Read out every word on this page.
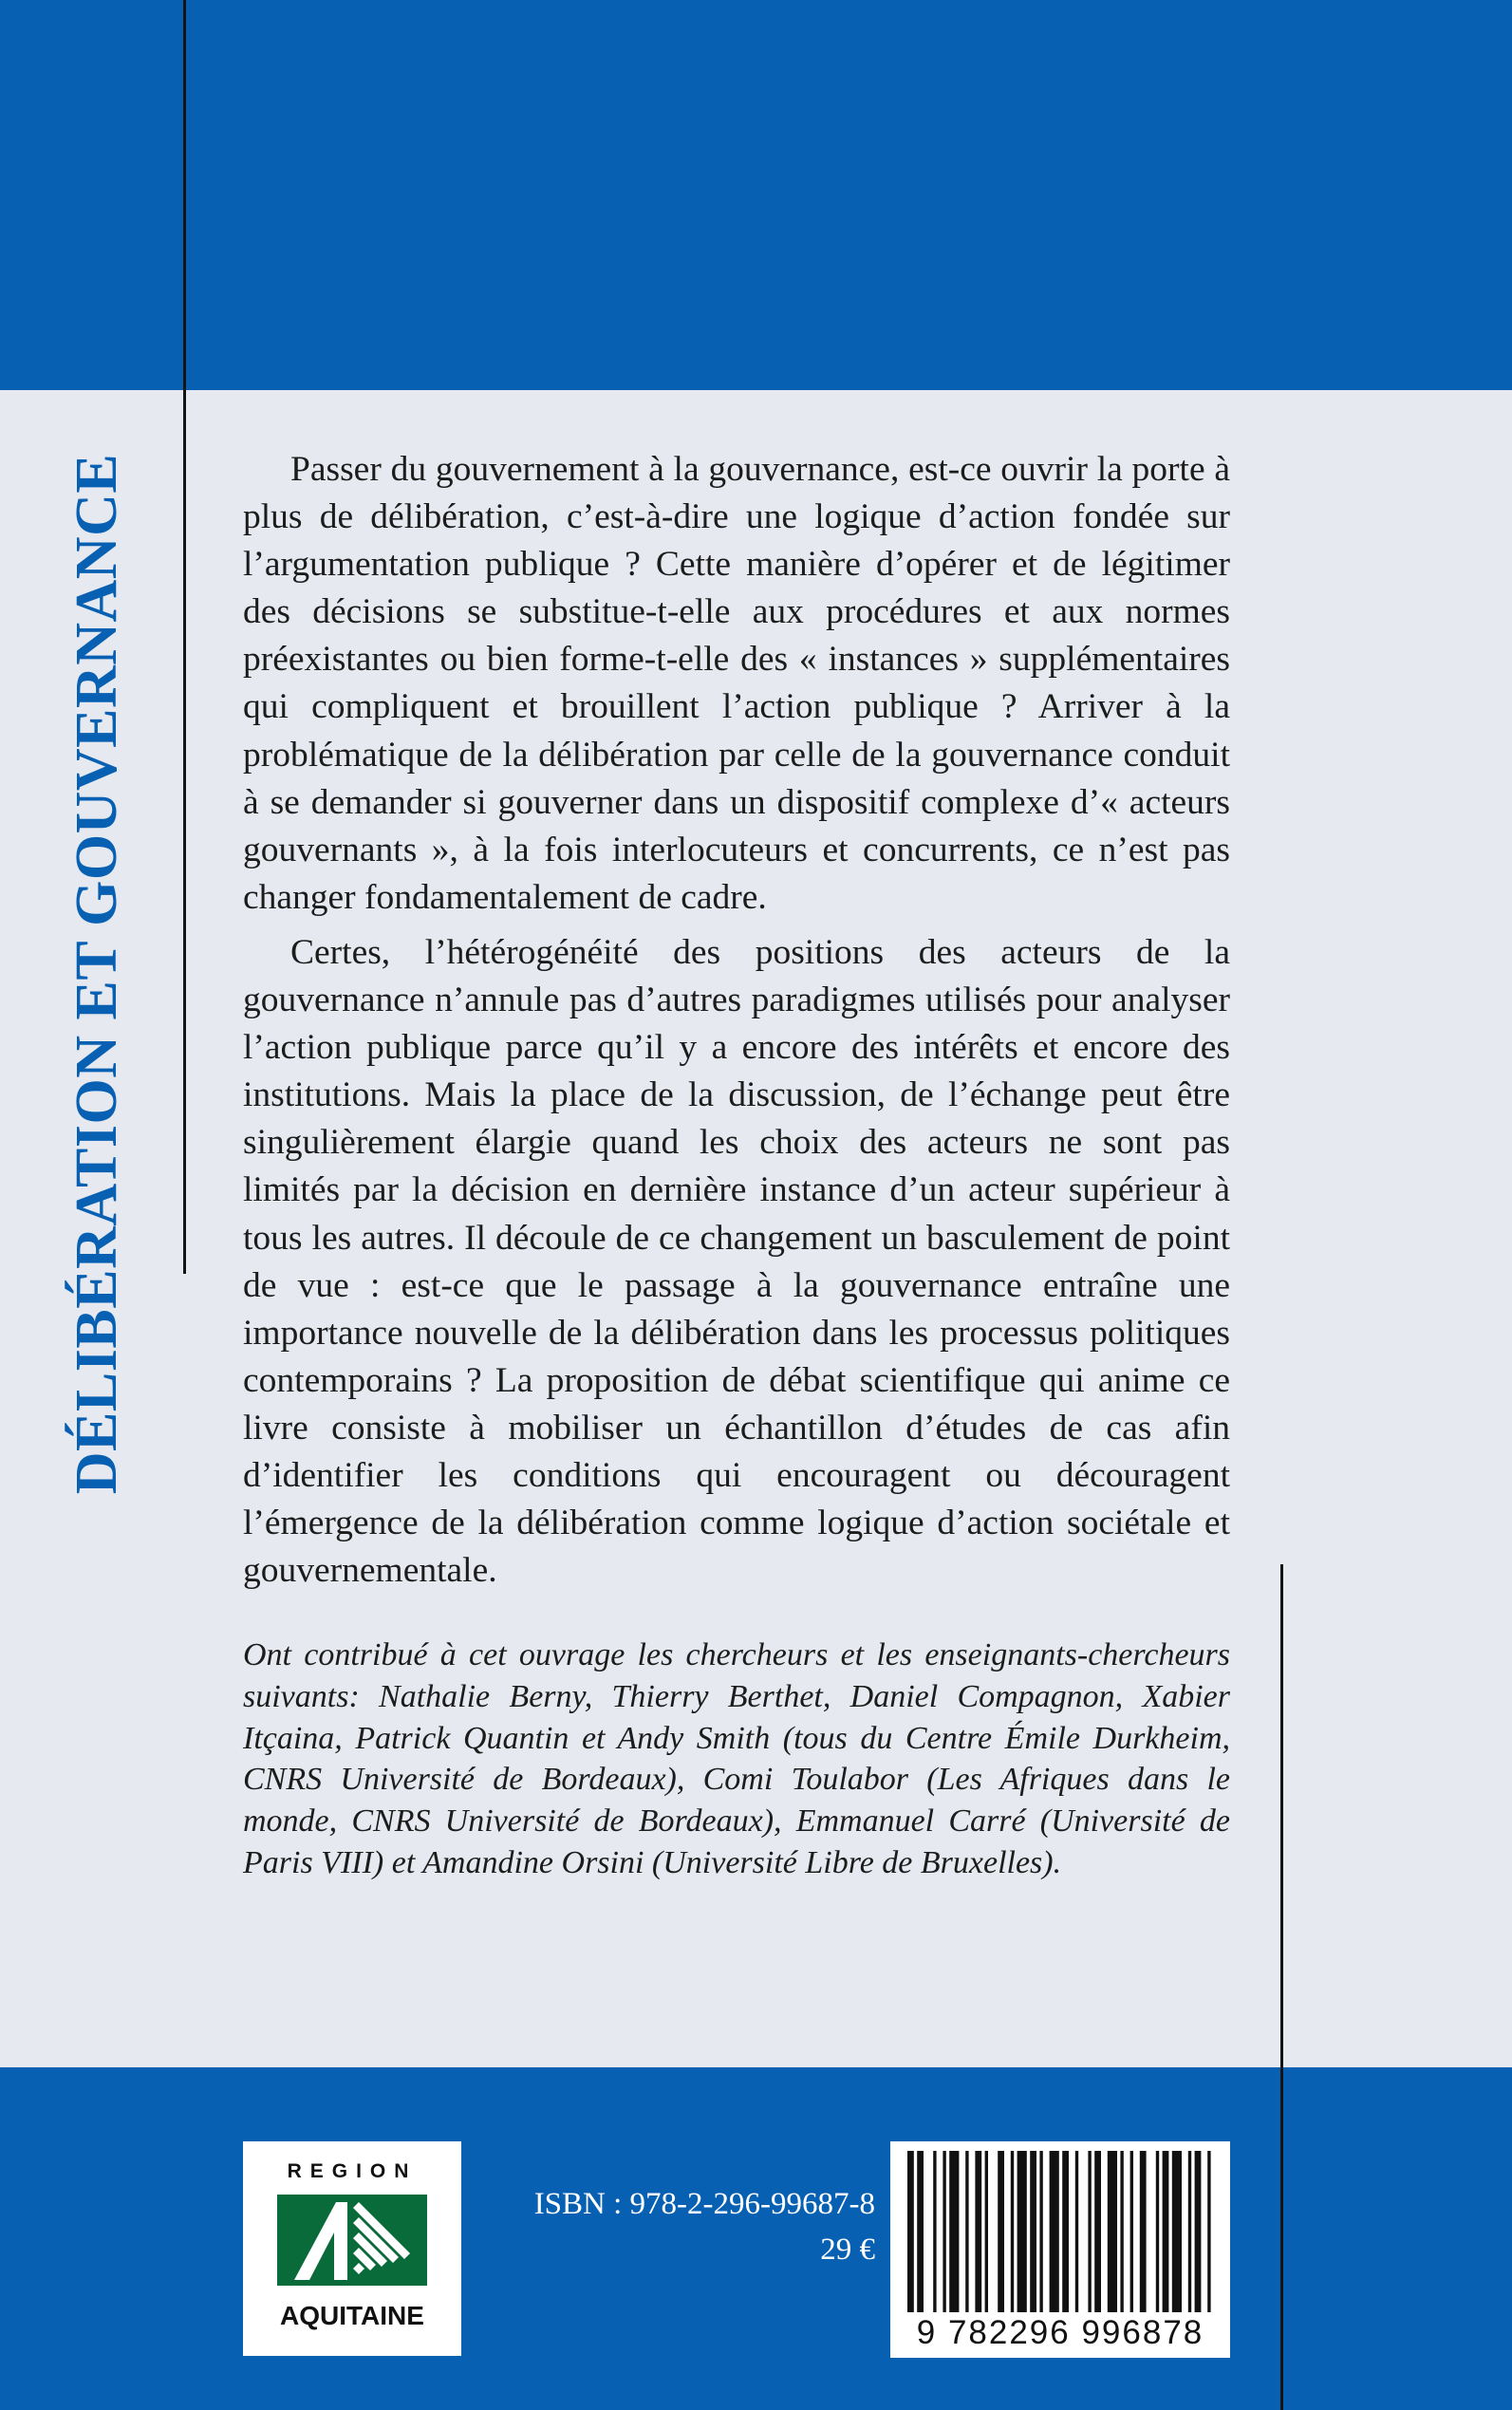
DÉLIBÉRATION ET GOUVERNANCE	Passer du gouvernement à la gouvernance, est-ce ouvrir la porte à plus de délibération, c’est-à-dire une logique d’action fondée sur l’argumentation publique ? Cette manière d’opérer et de légitimer des décisions se substitue-t-elle aux procédures et aux normes préexistantes ou bien forme-t-elle des « instances » supplémentaires qui compliquent et brouillent l’action publique ? Arriver à la problématique de la délibération par celle de la gouvernance conduit à se demander si gouverner dans un dispositif complexe d’« acteurs gouvernants », à la fois interlocuteurs et concurrents, ce n’est pas changer fondamentalement de cadre.

Certes, l’hétérogénéité des positions des acteurs de la gouvernance n’annule pas d’autres paradigmes utilisés pour analyser l’action publique parce qu’il y a encore des intérêts et encore des institutions. Mais la place de la discussion, de l’échange peut être singulièrement élargie quand les choix des acteurs ne sont pas limités par la décision en dernière instance d’un acteur supérieur à tous les autres. Il découle de ce changement un basculement de point de vue : est-ce que le passage à la gouvernance entraîne une importance nouvelle de la délibération dans les processus politiques contemporains ? La proposition de débat scientifique qui anime ce livre consiste à mobiliser un échantillon d’études de cas afin d’identifier les conditions qui encouragent ou découragent l’émergence de la délibération comme logique d’action sociétale et gouvernementale.

Ont contribué à cet ouvrage les chercheurs et les enseignants-chercheurs suivants: Nathalie Berny, Thierry Berthet, Daniel Compagnon, Xabier Itçaina, Patrick Quantin et Andy Smith (tous du Centre Émile Durkheim, CNRS Université de Bordeaux), Comi Toulabor (Les Afriques dans le monde, CNRS Université de Bordeaux), Emmanuel Carré (Université de Paris VIII) et Amandine Orsini (Université Libre de Bruxelles).

REGION
AQUITAINE
ISBN : 978-2-296-99687-8
29 €
9 782296 996878
